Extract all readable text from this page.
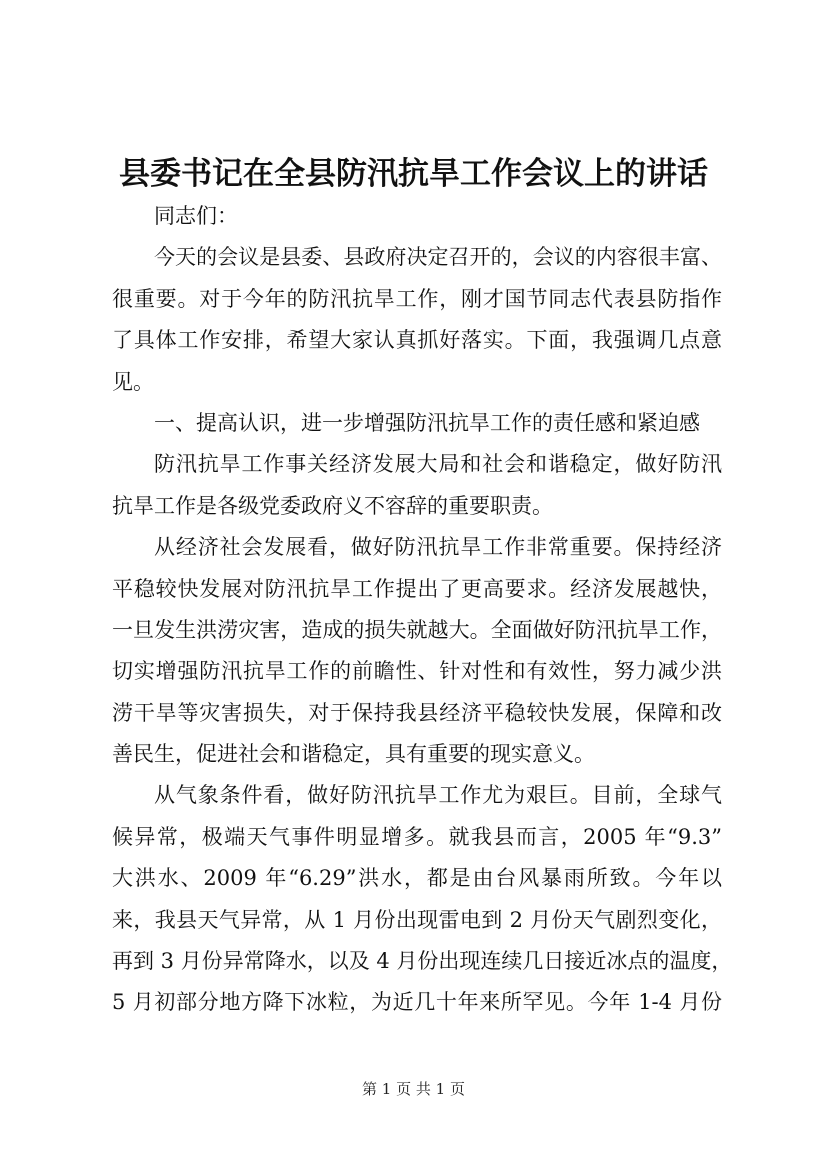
县委书记在全县防汛抗旱工作会议上的讲话
同志们：
今天的会议是县委、县政府决定召开的，会议的内容很丰富、
很重要。对于今年的防汛抗旱工作，刚才国节同志代表县防指作
了具体工作安排，希望大家认真抓好落实。下面，我强调几点意
见。
一、提高认识，进一步增强防汛抗旱工作的责任感和紧迫感
防汛抗旱工作事关经济发展大局和社会和谐稳定，做好防汛
抗旱工作是各级党委政府义不容辞的重要职责。
从经济社会发展看，做好防汛抗旱工作非常重要。保持经济
平稳较快发展对防汛抗旱工作提出了更高要求。经济发展越快，
一旦发生洪涝灾害，造成的损失就越大。全面做好防汛抗旱工作，
切实增强防汛抗旱工作的前瞻性、针对性和有效性，努力减少洪
涝干旱等灾害损失，对于保持我县经济平稳较快发展，保障和改
善民生，促进社会和谐稳定，具有重要的现实意义。
从气象条件看，做好防汛抗旱工作尤为艰巨。目前，全球气
候异常，极端天气事件明显增多。就我县而言，2005 年“9.3”
大洪水、2009 年“6.29”洪水，都是由台风暴雨所致。今年以
来，我县天气异常，从 1 月份出现雷电到 2 月份天气剧烈变化，
再到 3 月份异常降水，以及 4 月份出现连续几日接近冰点的温度，
5 月初部分地方降下冰粒，为近几十年来所罕见。今年 1-4 月份
第 1 页 共 1 页
